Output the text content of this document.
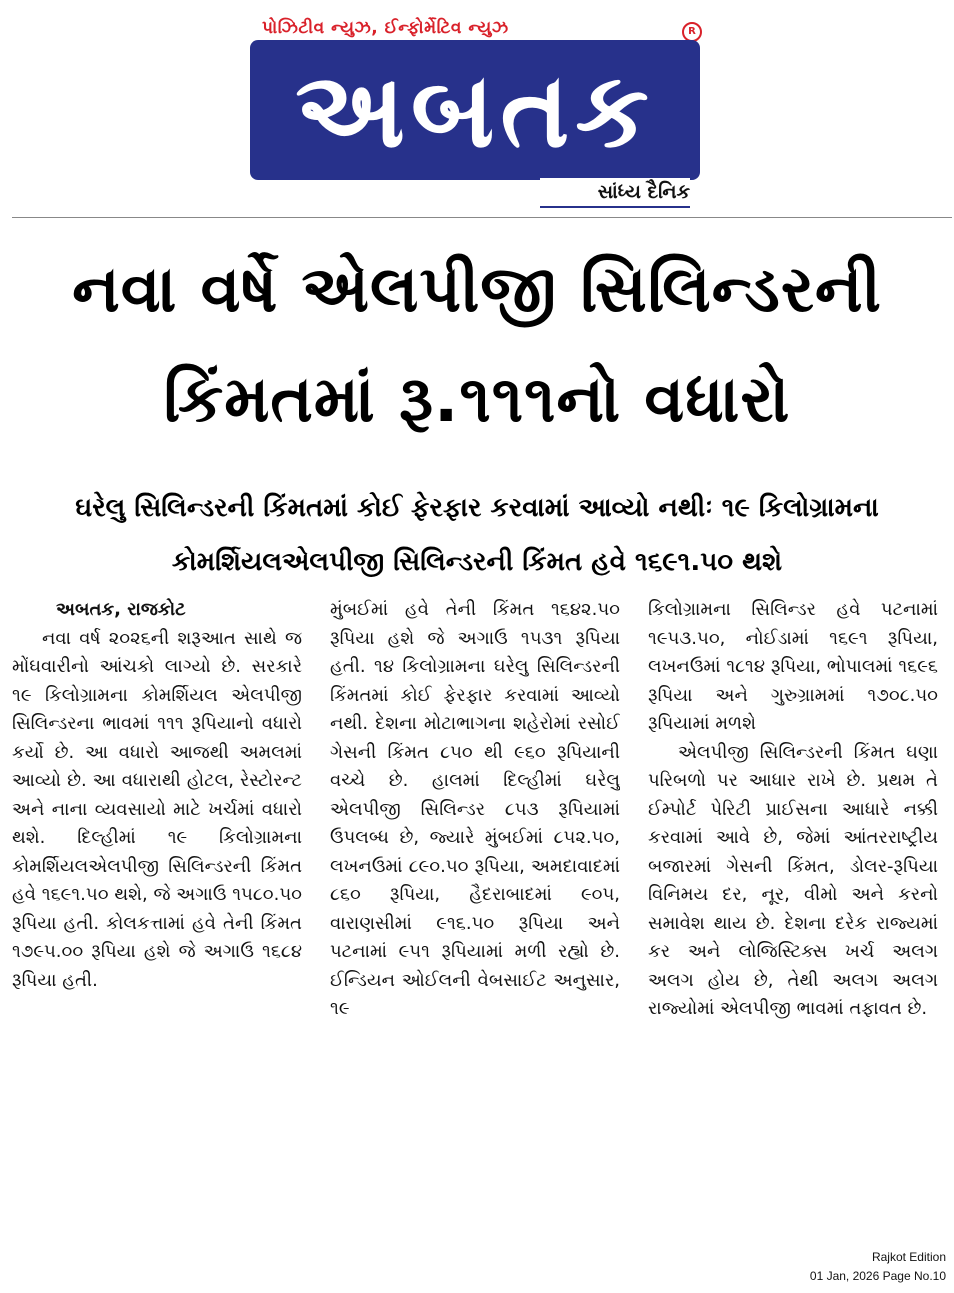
પોઝિટીવ ન્યુઝ, ઈન્ફોર્મેટિવ ન્યુઝ	R
અબતક
સાંધ્ય દૈનિક
નવા વર્ષે એલપીજી સિલિન્ડરની
કિંમતમાં રૂ.૧૧૧નો વધારો
ઘરેલુ સિલિન્ડરની કિંમતમાં કોઈ ફેરફાર કરવામાં આવ્યો નથીઃ ૧૯ કિલોગ્રામના
કોમર્શિયલએલપીજી સિલિન્ડરની કિંમત હવે ૧૬૯૧.૫૦ થશે
અબતક, રાજકોટ

નવા વર્ષ ૨૦૨૬ની શરૂઆત સાથે જ મોંઘવારીનો આંચકો લાગ્યો છે. સરકારે ૧૯ કિલોગ્રામના કોમર્શિયલ એલપીજી સિલિન્ડરના ભાવમાં ૧૧૧ રૂપિયાનો વધારો કર્યો છે. આ વધારો આજથી અમલમાં આવ્યો છે. આ વધારાથી હોટલ, રેસ્ટોરન્ટ અને નાના વ્યવસાયો માટે ખર્ચમાં વધારો થશે. દિલ્હીમાં ૧૯ કિલોગ્રામના કોમર્શિયલએલપીજી સિલિન્ડરની કિંમત હવે ૧૬૯૧.૫૦ થશે, જે અગાઉ ૧૫૮૦.૫૦ રૂપિયા હતી. કોલકત્તામાં હવે તેની કિંમત ૧૭૯૫.૦૦ રૂપિયા હશે જે અગાઉ ૧૬૮૪ રૂપિયા હતી.

મુંબઈમાં હવે તેની કિંમત ૧૬૪૨.૫૦ રૂપિયા હશે જે અગાઉ ૧૫૩૧ રૂપિયા હતી. ૧૪ કિલોગ્રામના ઘરેલુ સિલિન્ડરની કિંમતમાં કોઈ ફેરફાર કરવામાં આવ્યો નથી. દેશના મોટાભાગના શહેરોમાં રસોઈ ગેસની કિંમત ૮૫૦ થી ૯૬૦ રૂપિયાની વચ્ચે છે. હાલમાં દિલ્હીમાં ઘરેલુ એલપીજી સિલિન્ડર ૮૫૩ રૂપિયામાં ઉપલબ્ધ છે, જ્યારે મુંબઈમાં ૮૫૨.૫૦, લખનઉમાં ૮૯૦.૫૦ રૂપિયા, અમદાવાદમાં ૮૬૦ રૂપિયા, હૈદરાબાદમાં ૯૦૫, વારાણસીમાં ૯૧૬.૫૦ રૂપિયા અને પટનામાં ૯૫૧ રૂપિયામાં મળી રહ્યો છે. ઈન્ડિયન ઓઈલની વેબસાઈટ અનુસાર, ૧૯

કિલોગ્રામના સિલિન્ડર હવે પટનામાં ૧૯૫૩.૫૦, નોઈડામાં ૧૬૯૧ રૂપિયા, લખનઉમાં ૧૮૧૪ રૂપિયા, ભોપાલમાં ૧૬૯૬ રૂપિયા અને ગુરુગ્રામમાં ૧૭૦૮.૫૦ રૂપિયામાં મળશે

એલપીજી સિલિન્ડરની કિંમત ઘણા પરિબળો પર આધાર રાખે છે. પ્રથમ તે ઈમ્પોર્ટ પેરિટી પ્રાઈસના આધારે નક્કી કરવામાં આવે છે, જેમાં આંતરરાષ્ટ્રીય બજારમાં ગેસની કિંમત, ડોલર-રૂપિયા વિનિમય દર, નૂર, વીમો અને કરનો સમાવેશ થાય છે. દેશના દરેક રાજ્યમાં કર અને લોજિસ્ટિક્સ ખર્ચ અલગ અલગ હોય છે, તેથી અલગ અલગ રાજ્યોમાં એલપીજી ભાવમાં તફાવત છે.

Rajkot Edition
01 Jan, 2026 Page No.10
